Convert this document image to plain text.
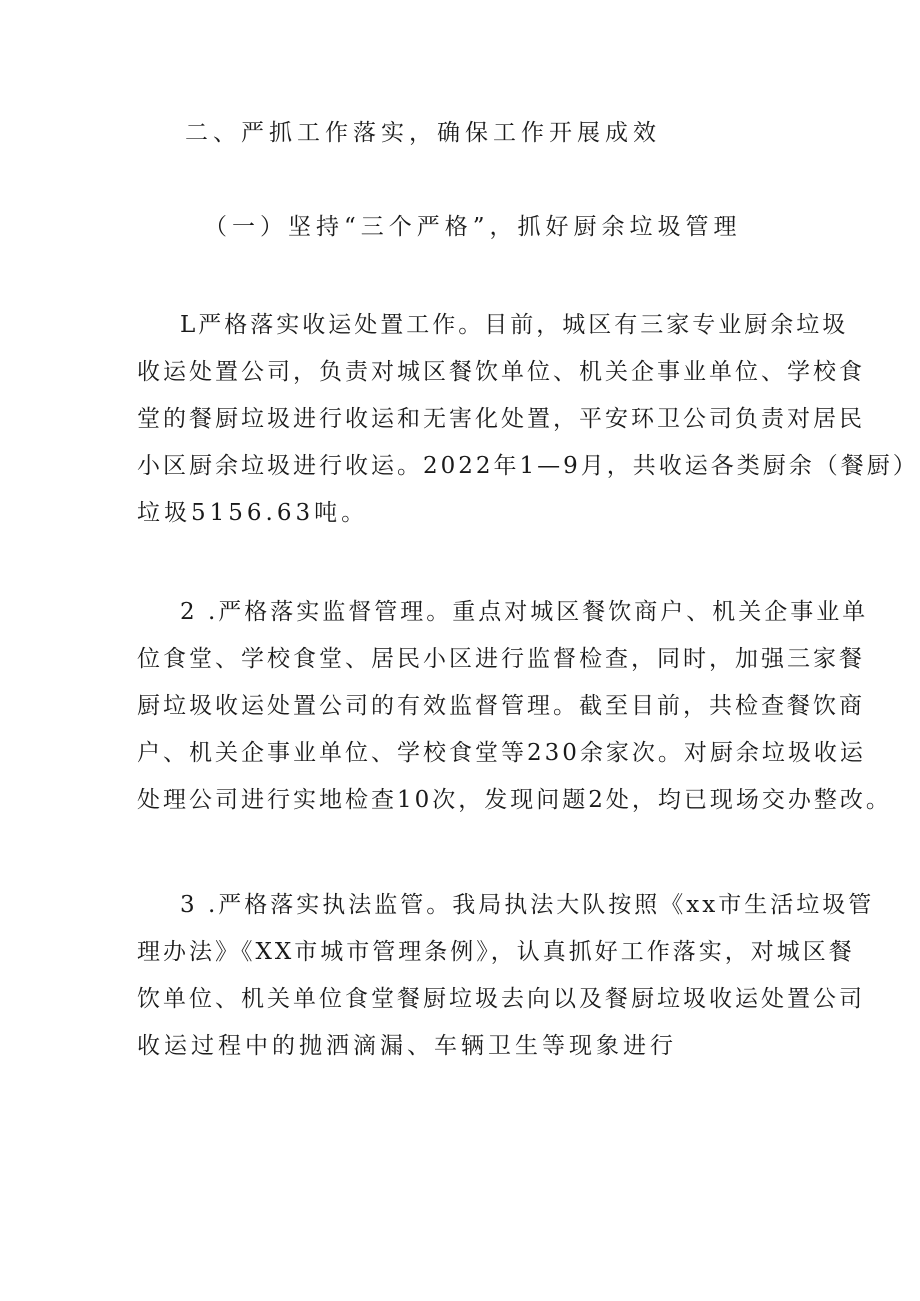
二、严抓工作落实，确保工作开展成效
（一）坚持“三个严格”，抓好厨余垃圾管理
L严格落实收运处置工作。目前，城区有三家专业厨余垃圾
收运处置公司，负责对城区餐饮单位、机关企事业单位、学校食
堂的餐厨垃圾进行收运和无害化处置，平安环卫公司负责对居民
小区厨余垃圾进行收运。2022年1—9月，共收运各类厨余（餐厨）
垃圾5156.63吨。
2 .严格落实监督管理。重点对城区餐饮商户、机关企事业单
位食堂、学校食堂、居民小区进行监督检查，同时，加强三家餐
厨垃圾收运处置公司的有效监督管理。截至目前，共检查餐饮商
户、机关企事业单位、学校食堂等230余家次。对厨余垃圾收运
处理公司进行实地检查10次，发现问题2处，均已现场交办整改。
3 .严格落实执法监管。我局执法大队按照《xx市生活垃圾管
理办法》《XX市城市管理条例》，认真抓好工作落实，对城区餐
饮单位、机关单位食堂餐厨垃圾去向以及餐厨垃圾收运处置公司
收运过程中的抛洒滴漏、车辆卫生等现象进行
